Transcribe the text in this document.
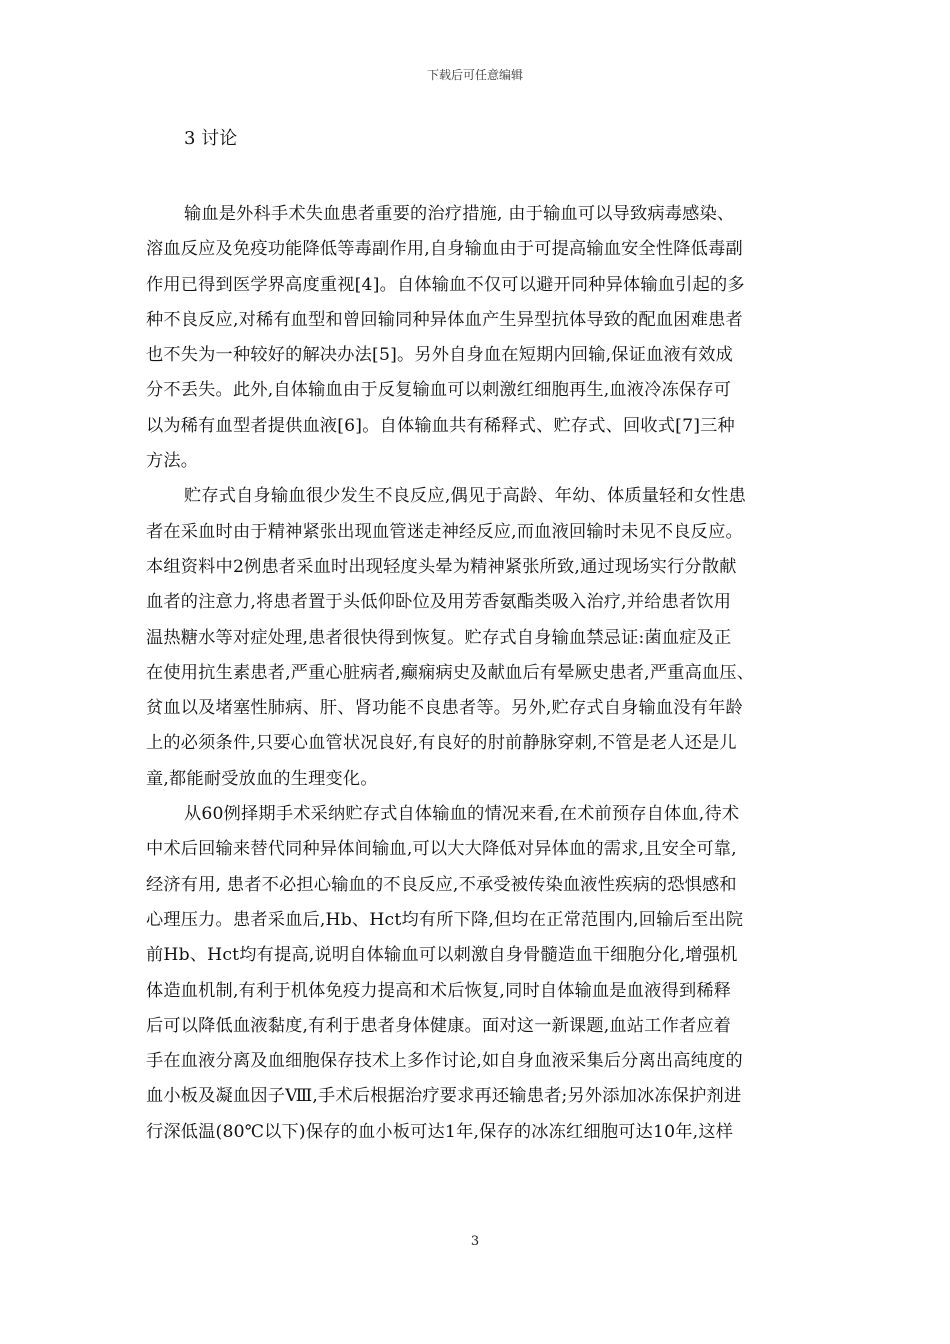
下载后可任意编辑
3 讨论
输血是外科手术失血患者重要的治疗措施, 由于输血可以导致病毒感染、
溶血反应及免疫功能降低等毒副作用,自身输血由于可提高输血安全性降低毒副
作用已得到医学界高度重视[4]。自体输血不仅可以避开同种异体输血引起的多
种不良反应,对稀有血型和曾回输同种异体血产生异型抗体导致的配血困难患者
也不失为一种较好的解决办法[5]。另外自身血在短期内回输,保证血液有效成
分不丢失。此外,自体输血由于反复输血可以刺激红细胞再生,血液冷冻保存可
以为稀有血型者提供血液[6]。自体输血共有稀释式、贮存式、回收式[7]三种
方法。
贮存式自身输血很少发生不良反应,偶见于高龄、年幼、体质量轻和女性患
者在采血时由于精神紧张出现血管迷走神经反应,而血液回输时未见不良反应。
本组资料中2例患者采血时出现轻度头晕为精神紧张所致,通过现场实行分散献
血者的注意力,将患者置于头低仰卧位及用芳香氨酯类吸入治疗,并给患者饮用
温热糖水等对症处理,患者很快得到恢复。贮存式自身输血禁忌证:菌血症及正
在使用抗生素患者,严重心脏病者,癫痫病史及献血后有晕厥史患者,严重高血压、
贫血以及堵塞性肺病、肝、肾功能不良患者等。另外,贮存式自身输血没有年龄
上的必须条件,只要心血管状况良好,有良好的肘前静脉穿刺,不管是老人还是儿
童,都能耐受放血的生理变化。
从60例择期手术采纳贮存式自体输血的情况来看,在术前预存自体血,待术
中术后回输来替代同种异体间输血,可以大大降低对异体血的需求,且安全可靠,
经济有用, 患者不必担心输血的不良反应,不承受被传染血液性疾病的恐惧感和
心理压力。患者采血后,Hb、Hct均有所下降,但均在正常范围内,回输后至出院
前Hb、Hct均有提高,说明自体输血可以刺激自身骨髓造血干细胞分化,增强机
体造血机制,有利于机体免疫力提高和术后恢复,同时自体输血是血液得到稀释
后可以降低血液黏度,有利于患者身体健康。面对这一新课题,血站工作者应着
手在血液分离及血细胞保存技术上多作讨论,如自身血液采集后分离出高纯度的
血小板及凝血因子Ⅷ,手术后根据治疗要求再还输患者;另外添加冰冻保护剂进
行深低温(80℃以下)保存的血小板可达1年,保存的冰冻红细胞可达10年,这样
3
